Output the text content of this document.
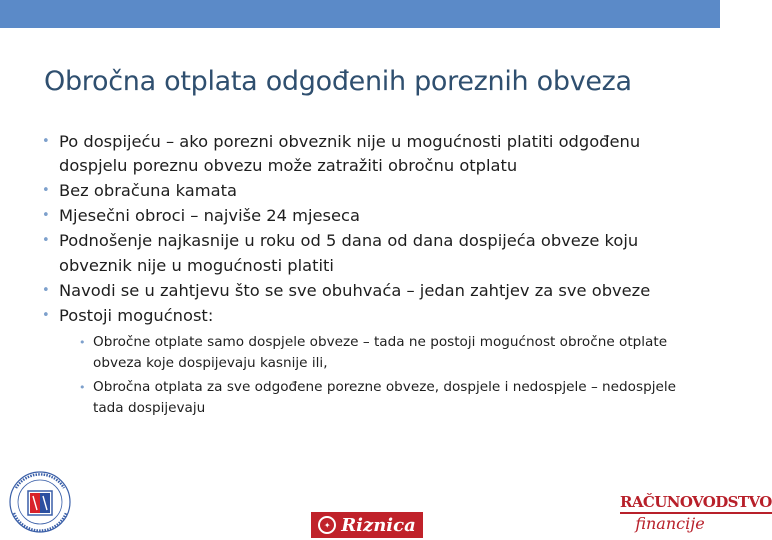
Obročna otplata odgođenih poreznih obveza
• Po dospijeću – ako porezni obveznik nije u mogućnosti platiti odgođenu dospjelu poreznu obvezu može zatražiti obročnu otplatu
• Bez obračuna kamata
• Mjesečni obroci – najviše 24 mjeseca
• Podnošenje najkasnije u roku od 5 dana od dana dospijeća obveze koju obveznik nije u mogućnosti platiti
• Navodi se u zahtjevu što se sve obuhvaća – jedan zahtjev za sve obveze
• Postoji mogućnost:
• Obročne otplate samo dospjele obveze – tada ne postoji mogućnost obročne otplate obveza koje dospijevaju kasnije ili,
• Obročna otplata za sve odgođene porezne obveze, dospjele i nedospjele – nedospjele tada dospijevaju
✦ Riznica
RAČUNOVODSTVO
financije
